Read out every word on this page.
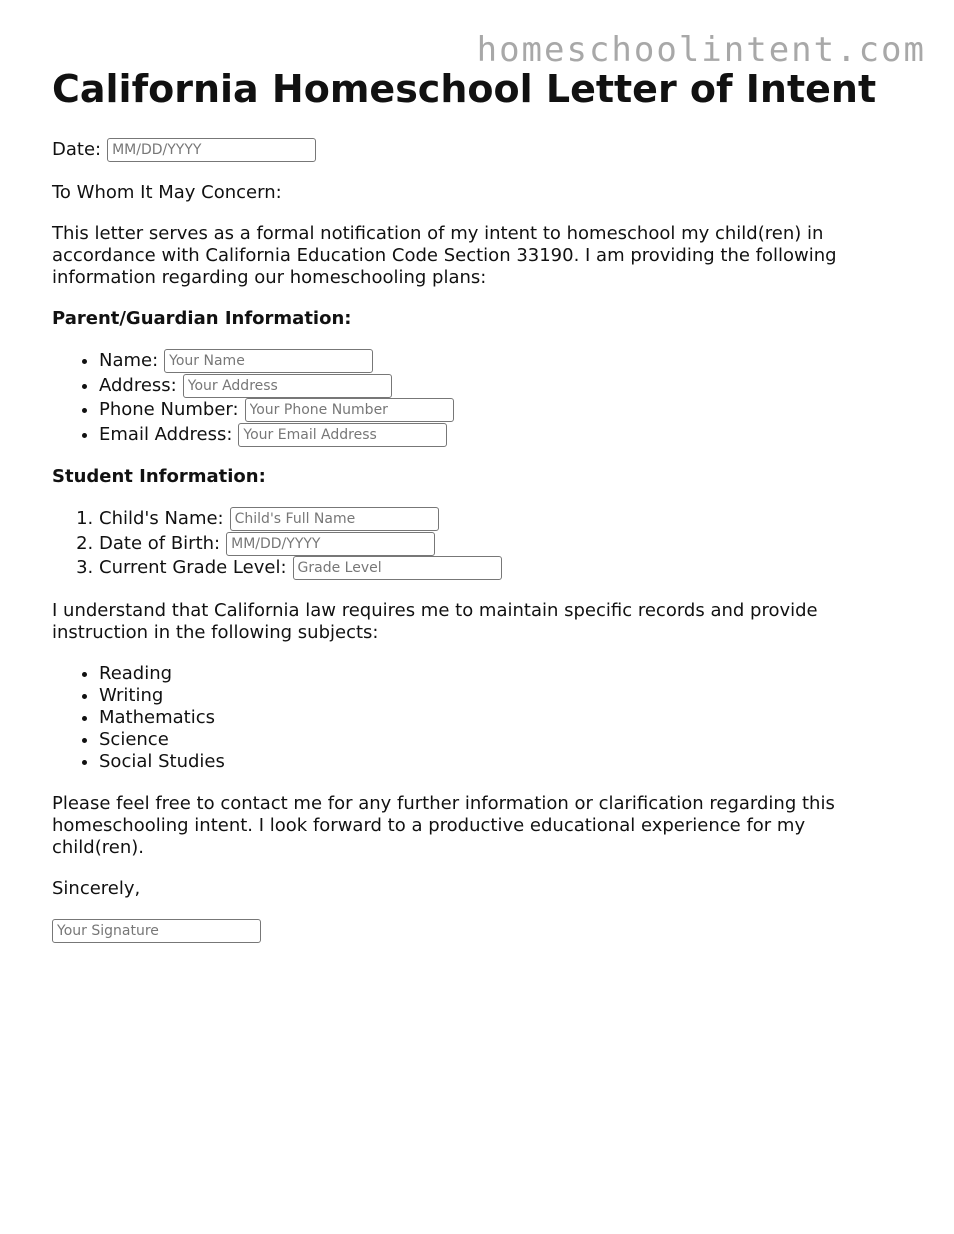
homeschoolintent.com
California Homeschool Letter of Intent
Date:
MM/DD/YYYY

To Whom It May Concern:

This letter serves as a formal notification of my intent to homeschool my child(ren) in accordance with California Education Code Section 33190. I am providing the following information regarding our homeschooling plans:

Parent/Guardian Information:

• Name:
Your Name
• Address:
Your Address
• Phone Number:
Your Phone Number
• Email Address:
Your Email Address

Student Information:

1. Child's Name:
Child's Full Name
2. Date of Birth:
MM/DD/YYYY
3. Current Grade Level:
Grade Level

I understand that California law requires me to maintain specific records and provide instruction in the following subjects:

• Reading
• Writing
• Mathematics
• Science
• Social Studies

Please feel free to contact me for any further information or clarification regarding this homeschooling intent. I look forward to a productive educational experience for my child(ren).

Sincerely,

Your Signature
